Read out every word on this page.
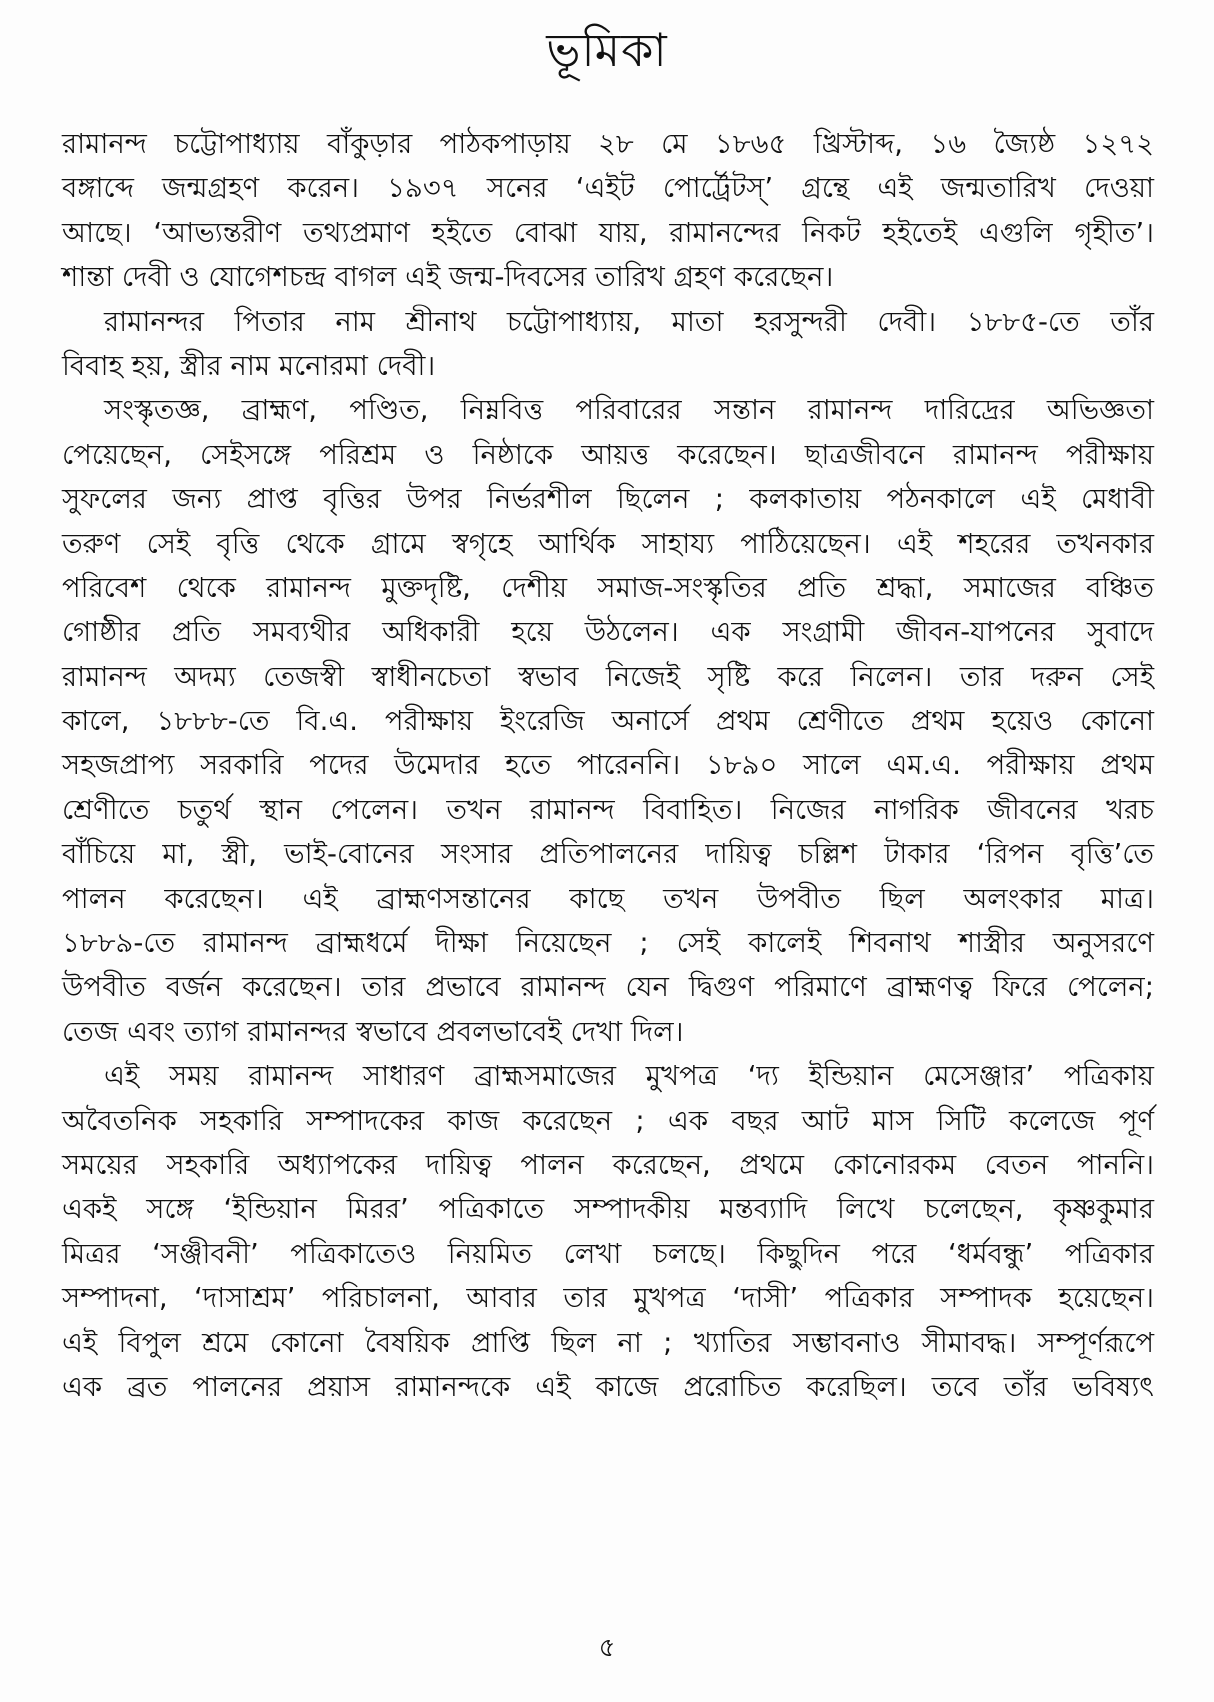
ভূমিকা
রামানন্দ চট্টোপাধ্যায় বাঁকুড়ার পাঠকপাড়ায় ২৮ মে ১৮৬৫ খ্রিস্টাব্দ, ১৬ জ্যৈষ্ঠ ১২৭২
বঙ্গাব্দে জন্মগ্রহণ করেন। ১৯৩৭ সনের ‘এইট পোর্ট্রেটস্’ গ্রন্থে এই জন্মতারিখ দেওয়া
আছে। ‘আভ্যন্তরীণ তথ্যপ্রমাণ হইতে বোঝা যায়, রামানন্দের নিকট হইতেই এগুলি গৃহীত’।
শান্তা দেবী ও যোগেশচন্দ্র বাগল এই জন্ম-দিবসের তারিখ গ্রহণ করেছেন।
রামানন্দর পিতার নাম শ্রীনাথ চট্টোপাধ্যায়, মাতা হরসুন্দরী দেবী। ১৮৮৫-তে তাঁর
বিবাহ হয়, স্ত্রীর নাম মনোরমা দেবী।
সংস্কৃতজ্ঞ, ব্রাহ্মণ, পণ্ডিত, নিম্নবিত্ত পরিবারের সন্তান রামানন্দ দারিদ্রের অভিজ্ঞতা
পেয়েছেন, সেইসঙ্গে পরিশ্রম ও নিষ্ঠাকে আয়ত্ত করেছেন। ছাত্রজীবনে রামানন্দ পরীক্ষায়
সুফলের জন্য প্রাপ্ত বৃত্তির উপর নির্ভরশীল ছিলেন ; কলকাতায় পঠনকালে এই মেধাবী
তরুণ সেই বৃত্তি থেকে গ্রামে স্বগৃহে আর্থিক সাহায্য পাঠিয়েছেন। এই শহরের তখনকার
পরিবেশ থেকে রামানন্দ মুক্তদৃষ্টি, দেশীয় সমাজ-সংস্কৃতির প্রতি শ্রদ্ধা, সমাজের বঞ্চিত
গোষ্ঠীর প্রতি সমব্যথীর অধিকারী হয়ে উঠলেন। এক সংগ্রামী জীবন-যাপনের সুবাদে
রামানন্দ অদম্য তেজস্বী স্বাধীনচেতা স্বভাব নিজেই সৃষ্টি করে নিলেন। তার দরুন সেই
কালে, ১৮৮৮-তে বি.এ. পরীক্ষায় ইংরেজি অনার্সে প্রথম শ্রেণীতে প্রথম হয়েও কোনো
সহজপ্রাপ্য সরকারি পদের উমেদার হতে পারেননি। ১৮৯০ সালে এম.এ. পরীক্ষায় প্রথম
শ্রেণীতে চতুর্থ স্থান পেলেন। তখন রামানন্দ বিবাহিত। নিজের নাগরিক জীবনের খরচ
বাঁচিয়ে মা, স্ত্রী, ভাই-বোনের সংসার প্রতিপালনের দায়িত্ব চল্লিশ টাকার ‘রিপন বৃত্তি’তে
পালন করেছেন। এই ব্রাহ্মণসন্তানের কাছে তখন উপবীত ছিল অলংকার মাত্র।
১৮৮৯-তে রামানন্দ ব্রাহ্মধর্মে দীক্ষা নিয়েছেন ; সেই কালেই শিবনাথ শাস্ত্রীর অনুসরণে
উপবীত বর্জন করেছেন। তার প্রভাবে রামানন্দ যেন দ্বিগুণ পরিমাণে ব্রাহ্মণত্ব ফিরে পেলেন;
তেজ এবং ত্যাগ রামানন্দর স্বভাবে প্রবলভাবেই দেখা দিল।
এই সময় রামানন্দ সাধারণ ব্রাহ্মসমাজের মুখপত্র ‘দ্য ইন্ডিয়ান মেসেঞ্জার’ পত্রিকায়
অবৈতনিক সহকারি সম্পাদকের কাজ করেছেন ; এক বছর আট মাস সিটি কলেজে পূর্ণ
সময়ের সহকারি অধ্যাপকের দায়িত্ব পালন করেছেন, প্রথমে কোনোরকম বেতন পাননি।
একই সঙ্গে ‘ইন্ডিয়ান মিরর’ পত্রিকাতে সম্পাদকীয় মন্তব্যাদি লিখে চলেছেন, কৃষ্ণকুমার
মিত্রর ‘সঞ্জীবনী’ পত্রিকাতেও নিয়মিত লেখা চলছে। কিছুদিন পরে ‘ধর্মবন্ধু’ পত্রিকার
সম্পাদনা, ‘দাসাশ্রম’ পরিচালনা, আবার তার মুখপত্র ‘দাসী’ পত্রিকার সম্পাদক হয়েছেন।
এই বিপুল শ্রমে কোনো বৈষয়িক প্রাপ্তি ছিল না ; খ্যাতির সম্ভাবনাও সীমাবদ্ধ। সম্পূর্ণরূপে
এক ব্রত পালনের প্রয়াস রামানন্দকে এই কাজে প্ররোচিত করেছিল। তবে তাঁর ভবিষ্যৎ
৫
